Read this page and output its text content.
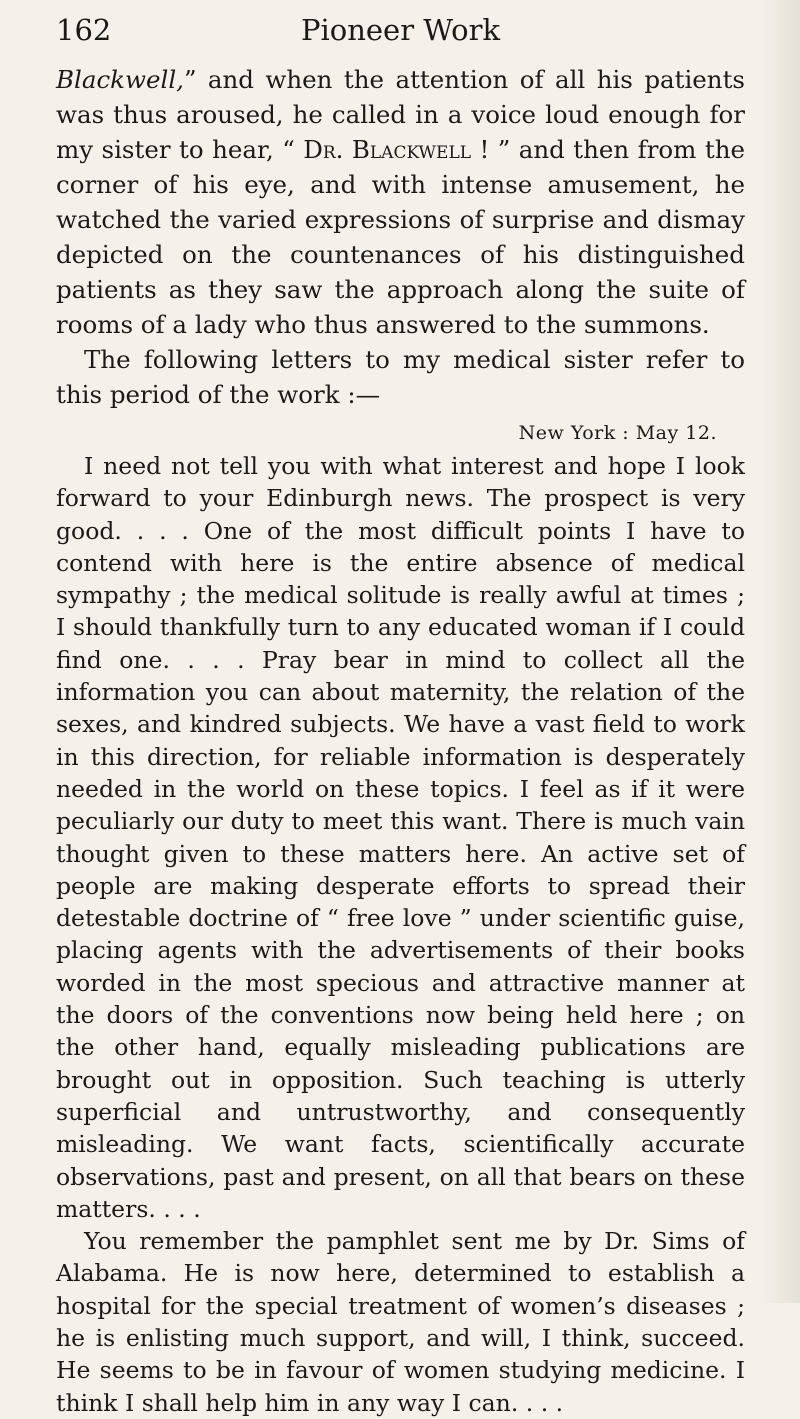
162	Pioneer Work

Blackwell,” and when the attention of all his patients was thus aroused, he called in a voice loud enough for my sister to hear, “ Dr. Blackwell ! ” and then from the corner of his eye, and with intense amusement, he watched the varied expressions of surprise and dismay depicted on the countenances of his distinguished patients as they saw the approach along the suite of rooms of a lady who thus answered to the summons.

The following letters to my medical sister refer to this period of the work :—

New York : May 12.

I need not tell you with what interest and hope I look forward to your Edinburgh news. The prospect is very good. . . . One of the most difficult points I have to contend with here is the entire absence of medical sympathy ; the medical solitude is really awful at times ; I should thankfully turn to any educated woman if I could find one. . . . Pray bear in mind to collect all the information you can about maternity, the relation of the sexes, and kindred subjects. We have a vast field to work in this direction, for reliable information is desperately needed in the world on these topics. I feel as if it were peculiarly our duty to meet this want. There is much vain thought given to these matters here. An active set of people are making desperate efforts to spread their detestable doctrine of “ free love ” under scientific guise, placing agents with the advertisements of their books worded in the most specious and attractive manner at the doors of the conventions now being held here ; on the other hand, equally misleading publications are brought out in opposition. Such teaching is utterly superficial and untrustworthy, and consequently misleading. We want facts, scientifically accurate observations, past and present, on all that bears on these matters. . . .

You remember the pamphlet sent me by Dr. Sims of Alabama. He is now here, determined to establish a hospital for the special treatment of women’s diseases ; he is enlisting much support, and will, I think, succeed. He seems to be in favour of women studying medicine. I think I shall help him in any way I can. . . .
